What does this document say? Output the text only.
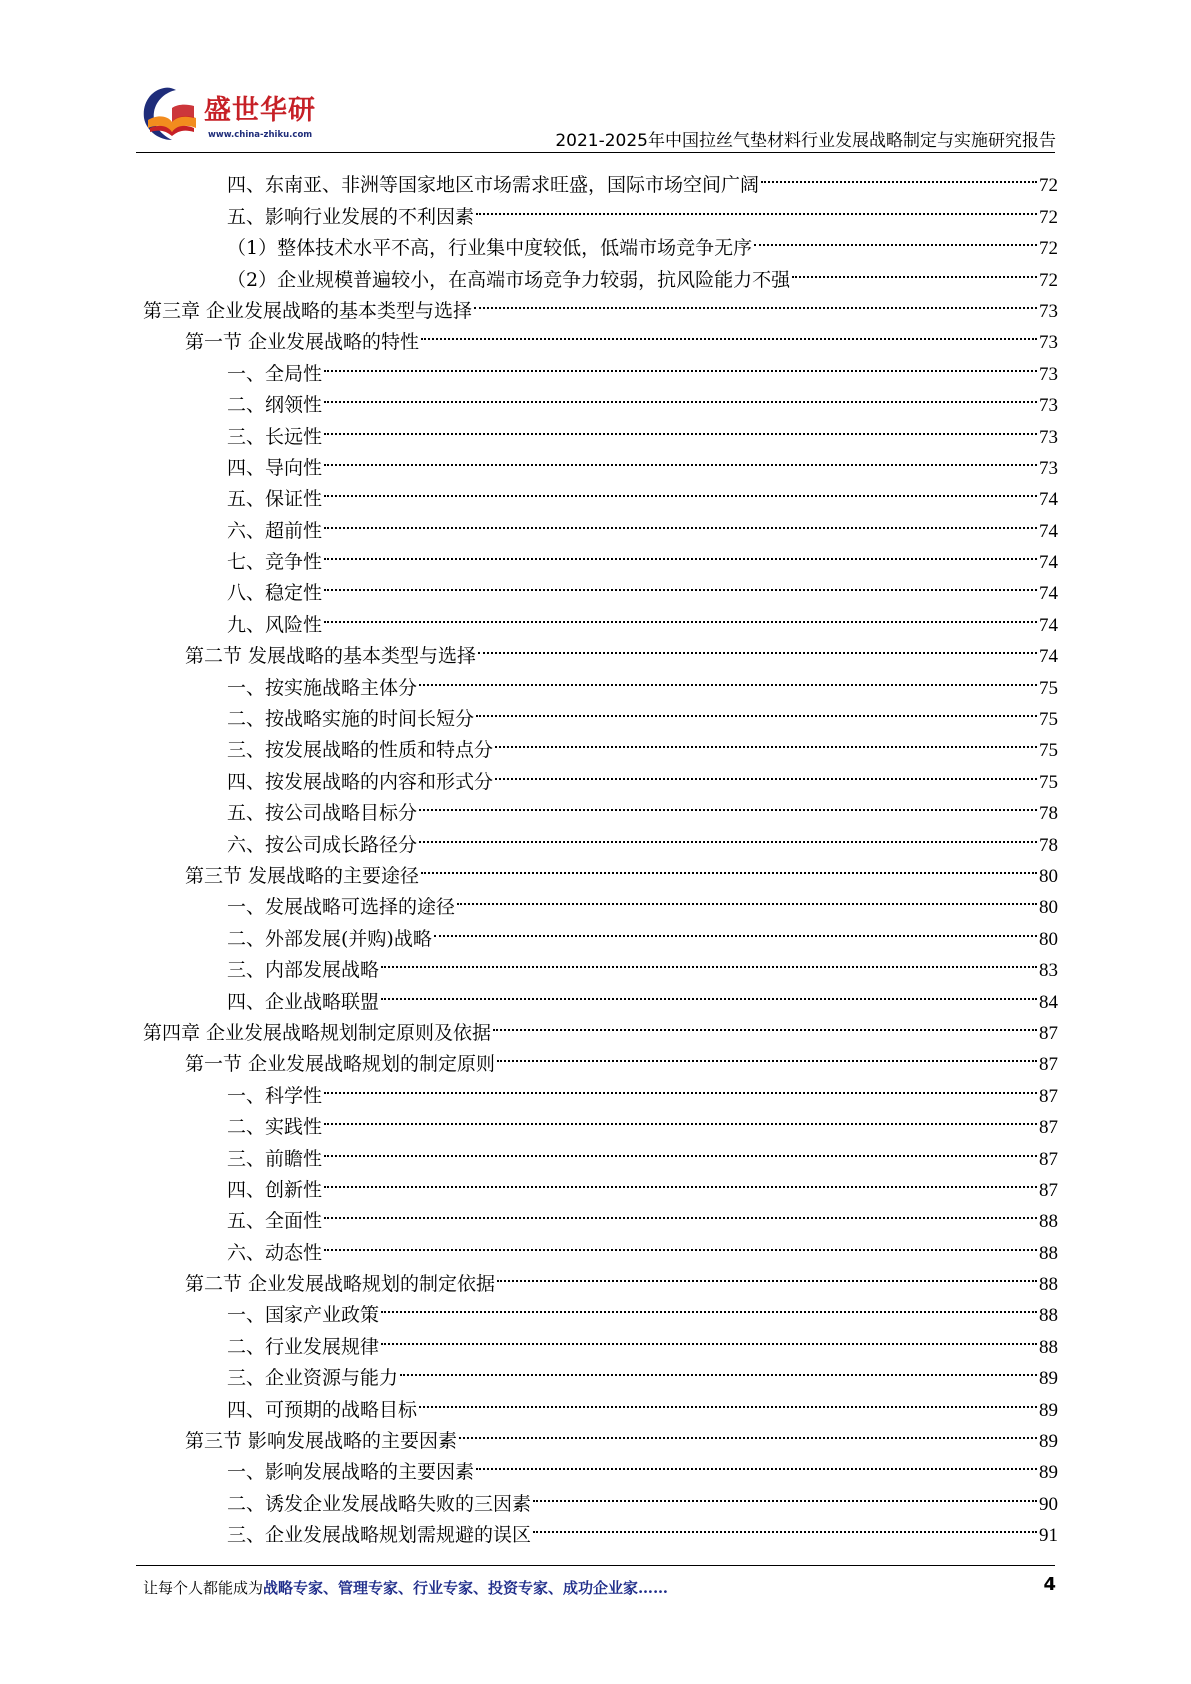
盛世华研
www.china-zhiku.com	2021-2025年中国拉丝气垫材料行业发展战略制定与实施研究报告
四、东南亚、非洲等国家地区市场需求旺盛，国际市场空间广阔	72
五、影响行业发展的不利因素	72
（1）整体技术水平不高，行业集中度较低，低端市场竞争无序	72
（2）企业规模普遍较小，在高端市场竞争力较弱，抗风险能力不强	72
第三章 企业发展战略的基本类型与选择	73
第一节 企业发展战略的特性	73
一、全局性	73
二、纲领性	73
三、长远性	73
四、导向性	73
五、保证性	74
六、超前性	74
七、竞争性	74
八、稳定性	74
九、风险性	74
第二节 发展战略的基本类型与选择	74
一、按实施战略主体分	75
二、按战略实施的时间长短分	75
三、按发展战略的性质和特点分	75
四、按发展战略的内容和形式分	75
五、按公司战略目标分	78
六、按公司成长路径分	78
第三节 发展战略的主要途径	80
一、发展战略可选择的途径	80
二、外部发展(并购)战略	80
三、内部发展战略	83
四、企业战略联盟	84
第四章 企业发展战略规划制定原则及依据	87
第一节 企业发展战略规划的制定原则	87
一、科学性	87
二、实践性	87
三、前瞻性	87
四、创新性	87
五、全面性	88
六、动态性	88
第二节 企业发展战略规划的制定依据	88
一、国家产业政策	88
二、行业发展规律	88
三、企业资源与能力	89
四、可预期的战略目标	89
第三节 影响发展战略的主要因素	89
一、影响发展战略的主要因素	89
二、诱发企业发展战略失败的三因素	90
三、企业发展战略规划需规避的误区	91
让每个人都能成为战略专家、管理专家、行业专家、投资专家、成功企业家……	4
